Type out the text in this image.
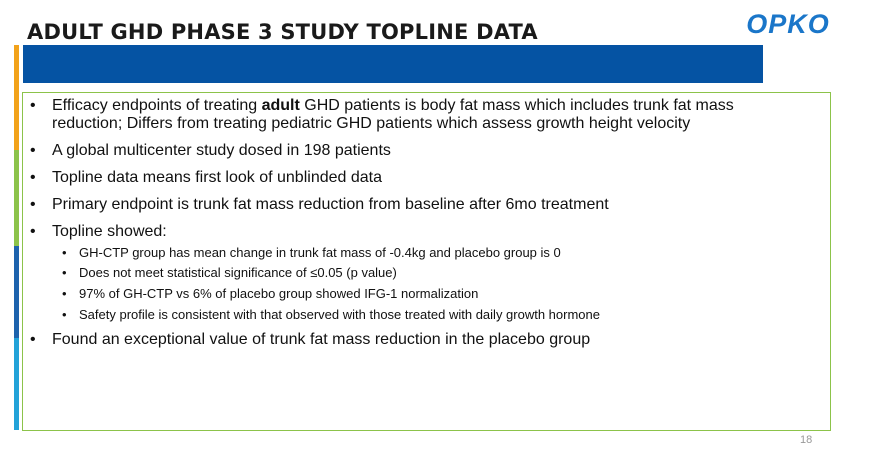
ADULT GHD PHASE 3 STUDY TOPLINE DATA	OPKO
•	Efficacy endpoints of treating adult GHD patients is body fat mass which includes trunk fat mass
reduction; Differs from treating pediatric GHD patients which assess growth height velocity
•	A global multicenter study dosed in 198 patients
•	Topline data means first look of unblinded data
•	Primary endpoint is trunk fat mass reduction from baseline after 6mo treatment
•	Topline showed:
• GH-CTP group has mean change in trunk fat mass of -0.4kg and placebo group is 0
• Does not meet statistical significance of ≤0.05 (p value)
• 97% of GH-CTP vs 6% of placebo group showed IFG-1 normalization
• Safety profile is consistent with that observed with those treated with daily growth hormone
•	Found an exceptional value of trunk fat mass reduction in the placebo group
18
